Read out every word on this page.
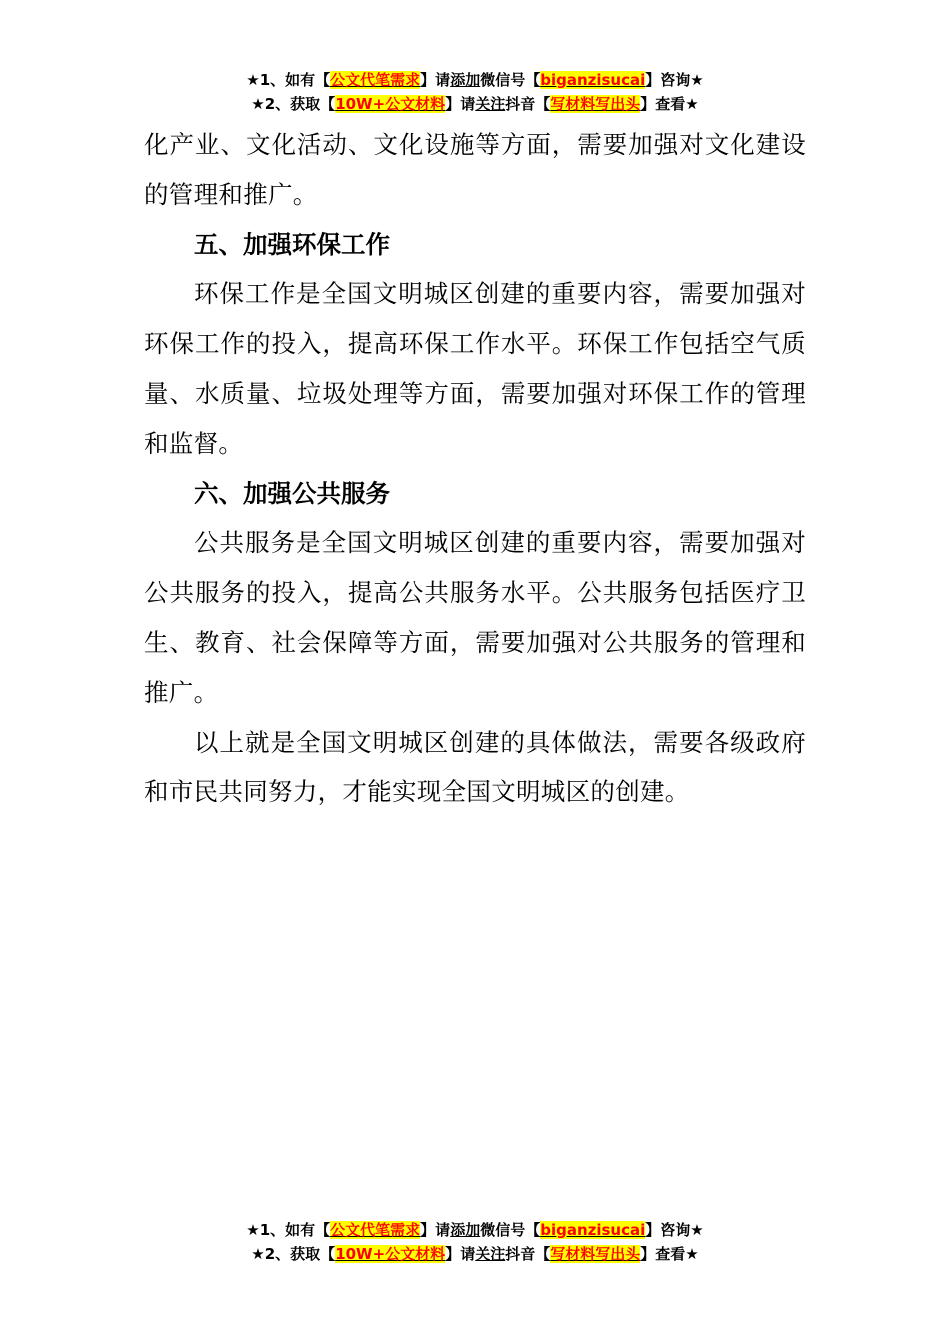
★1、如有【公文代笔需求】请添加微信号【biganzisucai】咨询★
★2、获取【10W+公文材料】请关注抖音【写材料写出头】查看★

化产业、文化活动、文化设施等方面，需要加强对文化建设的管理和推广。

五、加强环保工作

环保工作是全国文明城区创建的重要内容，需要加强对环保工作的投入，提高环保工作水平。环保工作包括空气质量、水质量、垃圾处理等方面，需要加强对环保工作的管理和监督。

六、加强公共服务

公共服务是全国文明城区创建的重要内容，需要加强对公共服务的投入，提高公共服务水平。公共服务包括医疗卫生、教育、社会保障等方面，需要加强对公共服务的管理和推广。

以上就是全国文明城区创建的具体做法，需要各级政府和市民共同努力，才能实现全国文明城区的创建。

★1、如有【公文代笔需求】请添加微信号【biganzisucai】咨询★
★2、获取【10W+公文材料】请关注抖音【写材料写出头】查看★
